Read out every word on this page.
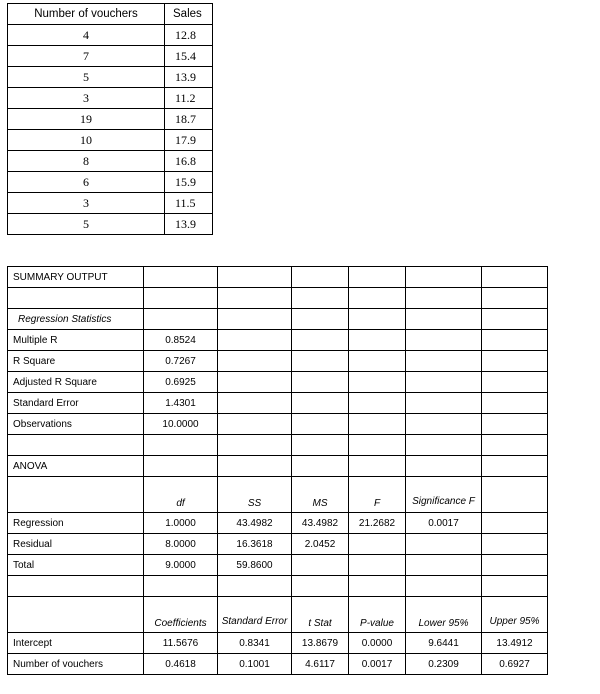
Number of vouchers	Sales
4	12.8
7	15.4
5	13.9
3	11.2
19	18.7
10	17.9
8	16.8
6	15.9
3	11.5
5	13.9
SUMMARY OUTPUT						

Regression Statistics						
Multiple R	0.8524					
R Square	0.7267					
Adjusted R Square	0.6925					
Standard Error	1.4301					
Observations	10.0000					

ANOVA						
	df	SS	MS	F	Significance F	
Regression	1.0000	43.4982	43.4982	21.2682	0.0017	
Residual	8.0000	16.3618	2.0452			
Total	9.0000	59.8600				

	Coefficients	Standard Error	t Stat	P-value	Lower 95%	Upper 95%
Intercept	11.5676	0.8341	13.8679	0.0000	9.6441	13.4912
Number of vouchers	0.4618	0.1001	4.6117	0.0017	0.2309	0.6927
